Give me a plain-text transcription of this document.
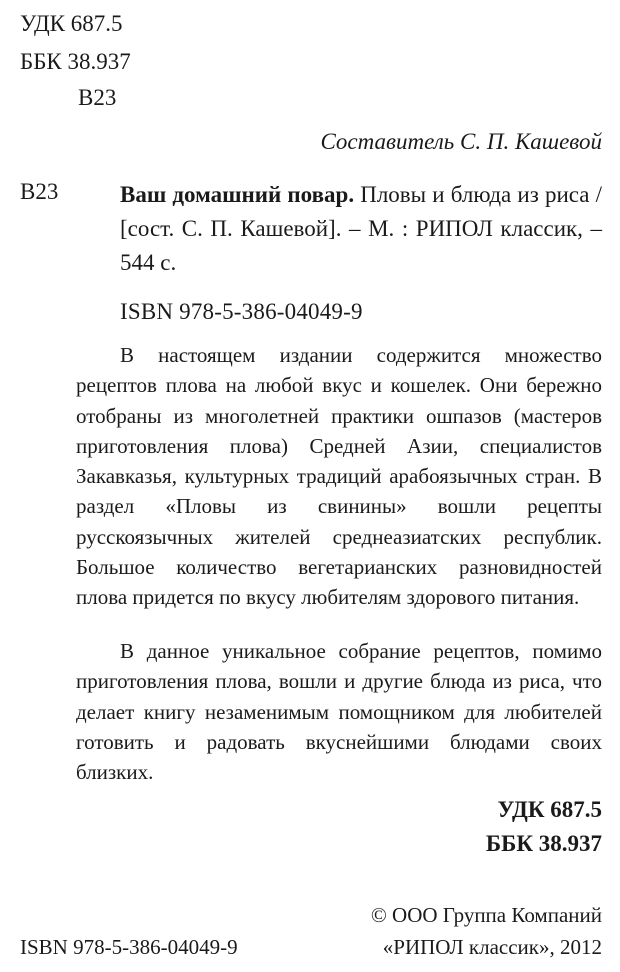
УДК 687.5
ББК 38.937
В23
Составитель С. П. Кашевой
В23	Ваш домашний повар. Пловы и блюда из риса / [сост. С. П. Кашевой]. – М. : РИПОЛ классик, – 544 с.
ISBN 978-5-386-04049-9
В настоящем издании содержится множество рецептов плова на любой вкус и кошелек. Они бережно отобраны из многолетней практики ошпазов (мастеров приготовления плова) Средней Азии, специалистов Закавказья, культурных традиций арабоязычных стран. В раздел «Пловы из свинины» вошли рецепты русскоязычных жителей среднеазиатских республик. Большое количество вегетарианских разновидностей плова придется по вкусу любителям здорового питания.
В данное уникальное собрание рецептов, помимо приготовления плова, вошли и другие блюда из риса, что делает книгу незаменимым помощником для любителей готовить и радовать вкуснейшими блюдами своих близких.
УДК 687.5
ББК 38.937
ISBN 978-5-386-04049-9
© ООО Группа Компаний
«РИПОЛ классик», 2012
